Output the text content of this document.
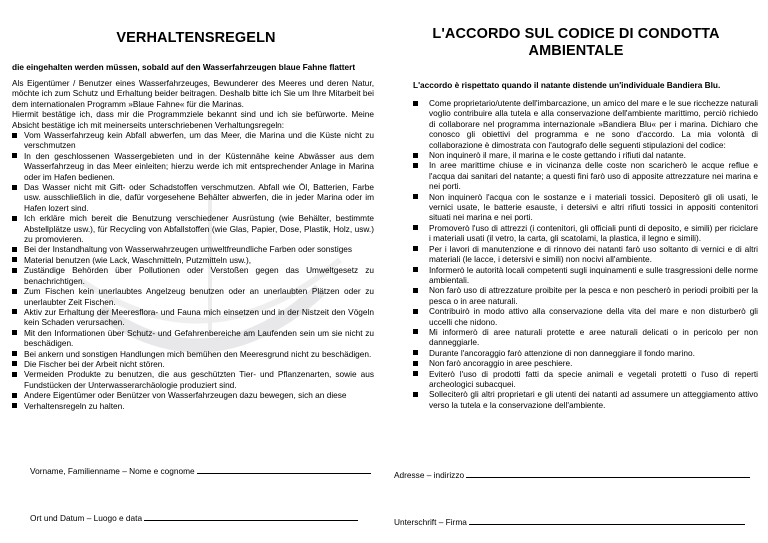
VERHALTENSREGELN
die eingehalten werden müssen, sobald auf den Wasserfahrzeugen blaue Fahne flattert

Als Eigentümer / Benutzer eines Wasserfahrzeuges, Bewunderer des Meeres und deren Natur, möchte ich zum Schutz und Erhaltung beider beitragen. Deshalb bitte ich Sie um Ihre Mitarbeit bei dem internationalen Programm »Blaue Fahne« für die Marinas.

Hiermit bestätige ich, dass mir die Programmziele bekannt sind und ich sie befürworte. Meine Absicht bestätige ich mit meinerseits unterschriebenen Verhaltungsregeln:

Vom Wasserfahrzeug kein Abfall abwerfen, um das Meer, die Marina und die Küste nicht zu verschmutzen
In den geschlossenen Wassergebieten und in der Küstennähe keine Abwässer aus dem Wasserfahrzeug in das Meer einleiten; hierzu werde ich mit entsprechender Anlage in Marina oder im Hafen bedienen.
Das Wasser nicht mit Gift- oder Schadstoffen verschmutzen. Abfall wie Öl, Batterien, Farbe usw. ausschließlich in die, dafür vorgesehene Behälter abwerfen, die in jeder Marina oder im Hafen lozert sind.
Ich erkläre mich bereit die Benutzung verschiedener Ausrüstung (wie Behälter, bestimmte Abstellplätze usw.), für Recycling von Abfallstoffen (wie Glas, Papier, Dose, Plastik, Holz, usw.) zu promovieren.
Bei der Instandhaltung von Wasserwahrzeugen umweltfreundliche Farben oder sonstiges
Material benutzen (wie Lack, Waschmitteln, Putzmitteln usw.),
Zuständige Behörden über Pollutionen oder Verstoßen gegen das Umweltgesetz zu benachrichtigen.
Zum Fischen kein unerlaubtes Angelzeug benutzen oder an unerlaubten Plätzen oder zu unerlaubter Zeit Fischen.
Aktiv zur Erhaltung der Meeresflora- und Fauna mich einsetzen und in der Nistzeit den Vögeln kein Schaden verursachen.
Mit den Informationen über Schutz- und Gefahrenbereiche am Laufenden sein um sie nicht zu beschädigen.
Bei ankern und sonstigen Handlungen mich bemühen den Meeresgrund nicht zu beschädigen.
Die Fischer bei der Arbeit nicht stören.
Vermeiden Produkte zu benutzen, die aus geschützten Tier- und Pflanzenarten, sowie aus Fundstücken der Unterwasserarchäologie produziert sind.
Andere Eigentümer oder Benützer von Wasserfahrzeugen dazu bewegen, sich an diese
Verhaltensregeln zu halten.
Vorname, Familienname – Nome e cognome
Ort und Datum – Luogo e data
L'ACCORDO SUL CODICE DI CONDOTTA
AMBIENTALE
L'accordo è rispettato quando il natante distende un'individuale Bandiera Blu.
Come proprietario/utente dell'imbarcazione, un amico del mare e le sue ricchezze naturali voglio contribuire alla tutela e alla conservazione dell'ambiente marittimo, perciò richiedo di collaborare nel programma internazionale »Bandiera Blu« per i marina. Dichiaro che conosco gli obiettivi del programma e ne sono d'accordo. La mia volontà di collaborazione è dimostrata con l'autografo delle seguenti stipulazioni del codice:
Non inquinerò il mare, il marina e le coste gettando i rifiuti dal natante.
In aree marittime chiuse e in vicinanza delle coste non scaricherò le acque reflue e l'acqua dai sanitari del natante; a questi fini farò uso di apposite attrezzature nei marina e nei porti.
Non inquinerò l'acqua con le sostanze e i materiali tossici. Depositerò gli oli usati, le vernici usate, le batterie esauste, i detersivi e altri rifiuti tossici in appositi contenitori situati nei marina e nei porti.
Promoverò l'uso di attrezzi (i contenitori, gli officiali punti di deposito, e simili) per riciclare i materiali usati (il vetro, la carta, gli scatolami, la plastica, il legno e simili).
Per i lavori di manutenzione e di rinnovo dei natanti farò uso soltanto di vernici e di altri materiali (le lacce, i detersivi e simili) non nocivi all'ambiente.
Informerò le autorità locali competenti sugli inquinamenti e sulle trasgressioni delle norme ambientali.
Non farò uso di attrezzature proibite per la pesca e non pescherò in periodi proibiti per la pesca o in aree naturali.
Contribuirò in modo attivo alla conservazione della vita del mare e non disturberò gli uccelli che nidono.
Mi informerò di aree naturali protette e aree naturali delicati o in pericolo per non danneggiarle.
Durante l'ancoraggio farò attenzione di non danneggiare il fondo marino.
Non farò ancoraggio in aree peschiere.
Eviterò l'uso di prodotti fatti da specie animali e vegetali protetti o l'uso di reperti archeologici subacquei.
Solleciterò gli altri proprietari e gli utenti dei natanti ad assumere un atteggiamento attivo verso la tutela e la conservazione dell'ambiente.
Adresse – indirizzo
Unterschrift – Firma
